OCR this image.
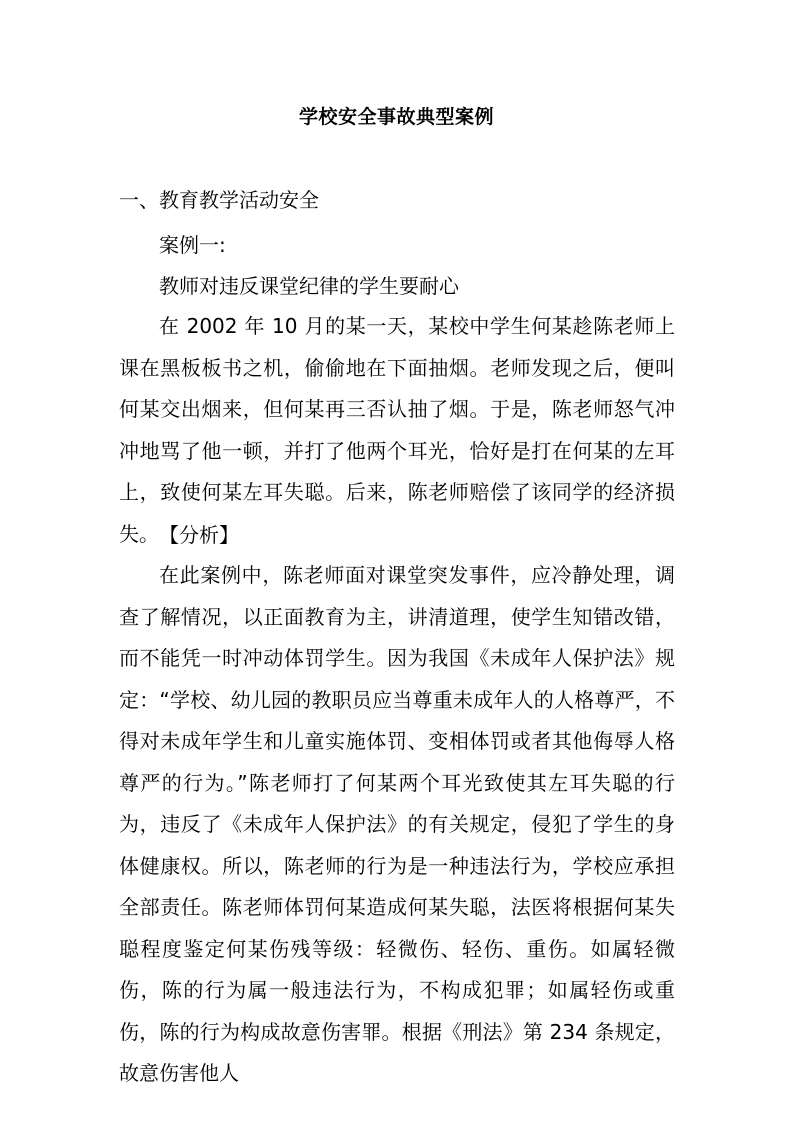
学校安全事故典型案例
一、教育教学活动安全
案例一:
教师对违反课堂纪律的学生要耐心

在 2002 年 10 月的某一天，某校中学生何某趁陈老师上课在黑板板书之机，偷偷地在下面抽烟。老师发现之后，便叫何某交出烟来，但何某再三否认抽了烟。于是，陈老师怒气冲冲地骂了他一顿，并打了他两个耳光，恰好是打在何某的左耳上，致使何某左耳失聪。后来，陈老师赔偿了该同学的经济损失。 【分析】

在此案例中，陈老师面对课堂突发事件，应冷静处理，调查了解情况，以正面教育为主，讲清道理，使学生知错改错，而不能凭一时冲动体罚学生。因为我国《未成年人保护法》规定：“学校、幼儿园的教职员应当尊重未成年人的人格尊严，不得对未成年学生和儿童实施体罚、变相体罚或者其他侮辱人格尊严的行为。”陈老师打了何某两个耳光致使其左耳失聪的行为，违反了《未成年人保护法》的有关规定，侵犯了学生的身体健康权。所以，陈老师的行为是一种违法行为，学校应承担全部责任。陈老师体罚何某造成何某失聪，法医将根据何某失聪程度鉴定何某伤残等级：轻微伤、轻伤、重伤。如属轻微伤，陈的行为属一般违法行为，不构成犯罪；如属轻伤或重伤，陈的行为构成故意伤害罪。根据《刑法》第 234 条规定，故意伤害他人
